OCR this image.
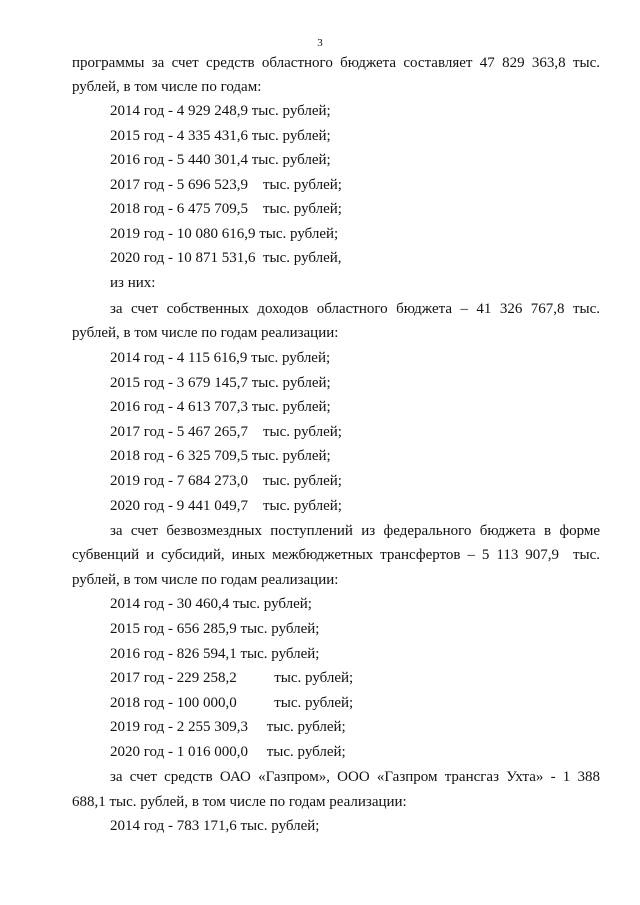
3
программы за счет средств областного бюджета составляет 47 829 363,8 тыс.
рублей, в том числе по годам:
2014 год - 4 929 248,9 тыс. рублей;
2015 год - 4 335 431,6 тыс. рублей;
2016 год - 5 440 301,4 тыс. рублей;
2017 год - 5 696 523,9    тыс. рублей;
2018 год - 6 475 709,5    тыс. рублей;
2019 год - 10 080 616,9 тыс. рублей;
2020 год - 10 871 531,6  тыс. рублей,
из них:
за счет собственных доходов областного бюджета – 41 326 767,8 тыс.
рублей, в том числе по годам реализации:
2014 год - 4 115 616,9 тыс. рублей;
2015 год - 3 679 145,7 тыс. рублей;
2016 год - 4 613 707,3 тыс. рублей;
2017 год - 5 467 265,7    тыс. рублей;
2018 год - 6 325 709,5 тыс. рублей;
2019 год - 7 684 273,0    тыс. рублей;
2020 год - 9 441 049,7    тыс. рублей;
за счет безвозмездных поступлений из федерального бюджета в форме
субвенций и субсидий, иных межбюджетных трансфертов – 5 113 907,9  тыс.
рублей, в том числе по годам реализации:
2014 год - 30 460,4 тыс. рублей;
2015 год - 656 285,9 тыс. рублей;
2016 год - 826 594,1 тыс. рублей;
2017 год - 229 258,2          тыс. рублей;
2018 год - 100 000,0          тыс. рублей;
2019 год - 2 255 309,3     тыс. рублей;
2020 год - 1 016 000,0     тыс. рублей;
за счет средств ОАО «Газпром», ООО «Газпром трансгаз Ухта» - 1 388
688,1 тыс. рублей, в том числе по годам реализации:
2014 год - 783 171,6 тыс. рублей;
